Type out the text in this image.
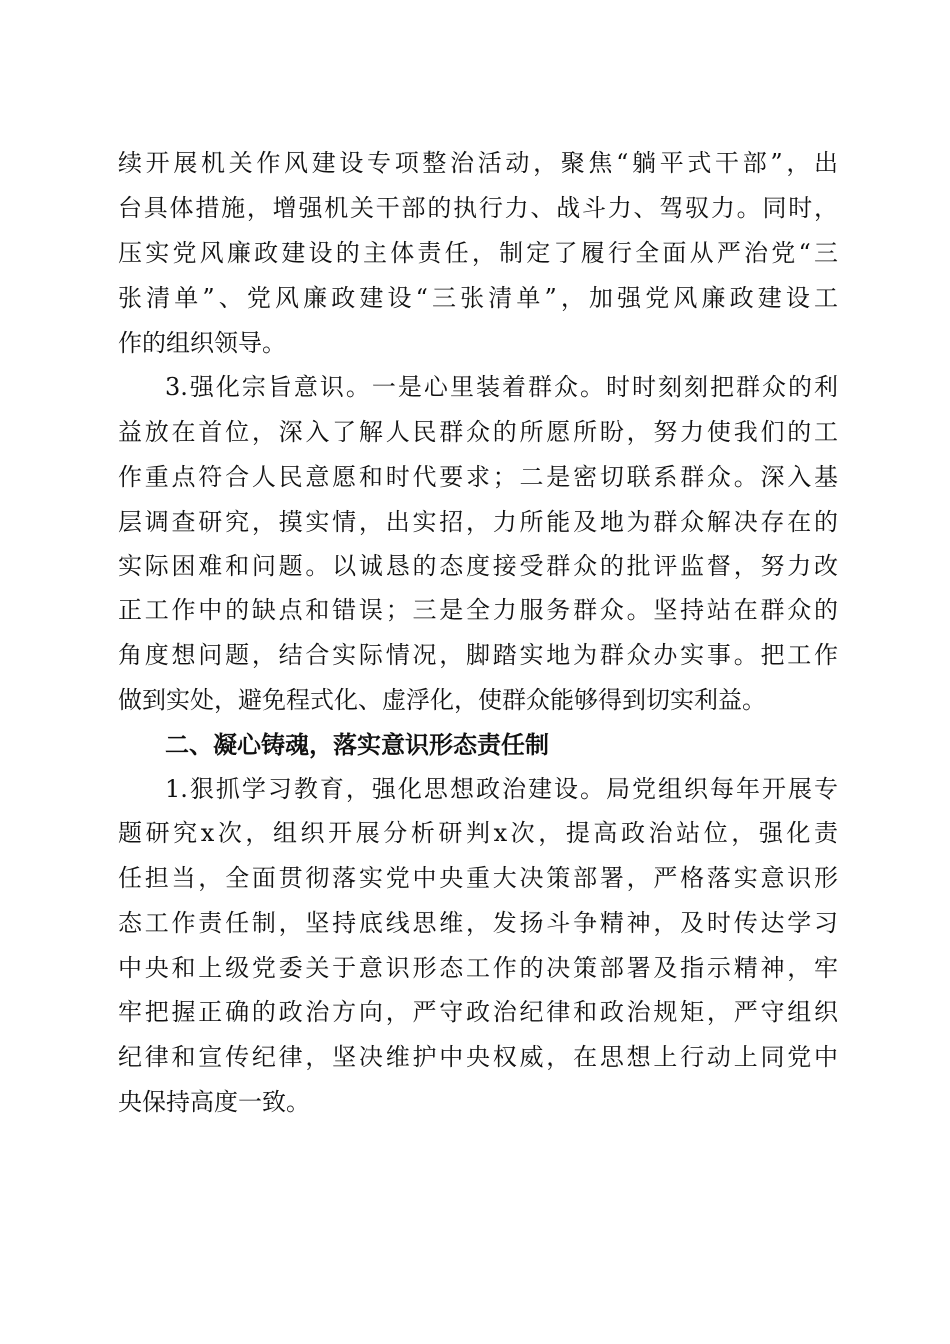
续开展机关作风建设专项整治活动，聚焦“躺平式干部”，出
台具体措施，增强机关干部的执行力、战斗力、驾驭力。同时，
压实党风廉政建设的主体责任，制定了履行全面从严治党“三
张清单”、党风廉政建设“三张清单”，加强党风廉政建设工
作的组织领导。
3.强化宗旨意识。一是心里装着群众。时时刻刻把群众的利
益放在首位，深入了解人民群众的所愿所盼，努力使我们的工
作重点符合人民意愿和时代要求；二是密切联系群众。深入基
层调查研究，摸实情，出实招，力所能及地为群众解决存在的
实际困难和问题。以诚恳的态度接受群众的批评监督，努力改
正工作中的缺点和错误；三是全力服务群众。坚持站在群众的
角度想问题，结合实际情况，脚踏实地为群众办实事。把工作
做到实处，避免程式化、虚浮化，使群众能够得到切实利益。
二、凝心铸魂，落实意识形态责任制
1.狠抓学习教育，强化思想政治建设。局党组织每年开展专
题研究x次，组织开展分析研判x次，提高政治站位，强化责
任担当，全面贯彻落实党中央重大决策部署，严格落实意识形
态工作责任制，坚持底线思维，发扬斗争精神，及时传达学习
中央和上级党委关于意识形态工作的决策部署及指示精神，牢
牢把握正确的政治方向，严守政治纪律和政治规矩，严守组织
纪律和宣传纪律，坚决维护中央权威，在思想上行动上同党中
央保持高度一致。
